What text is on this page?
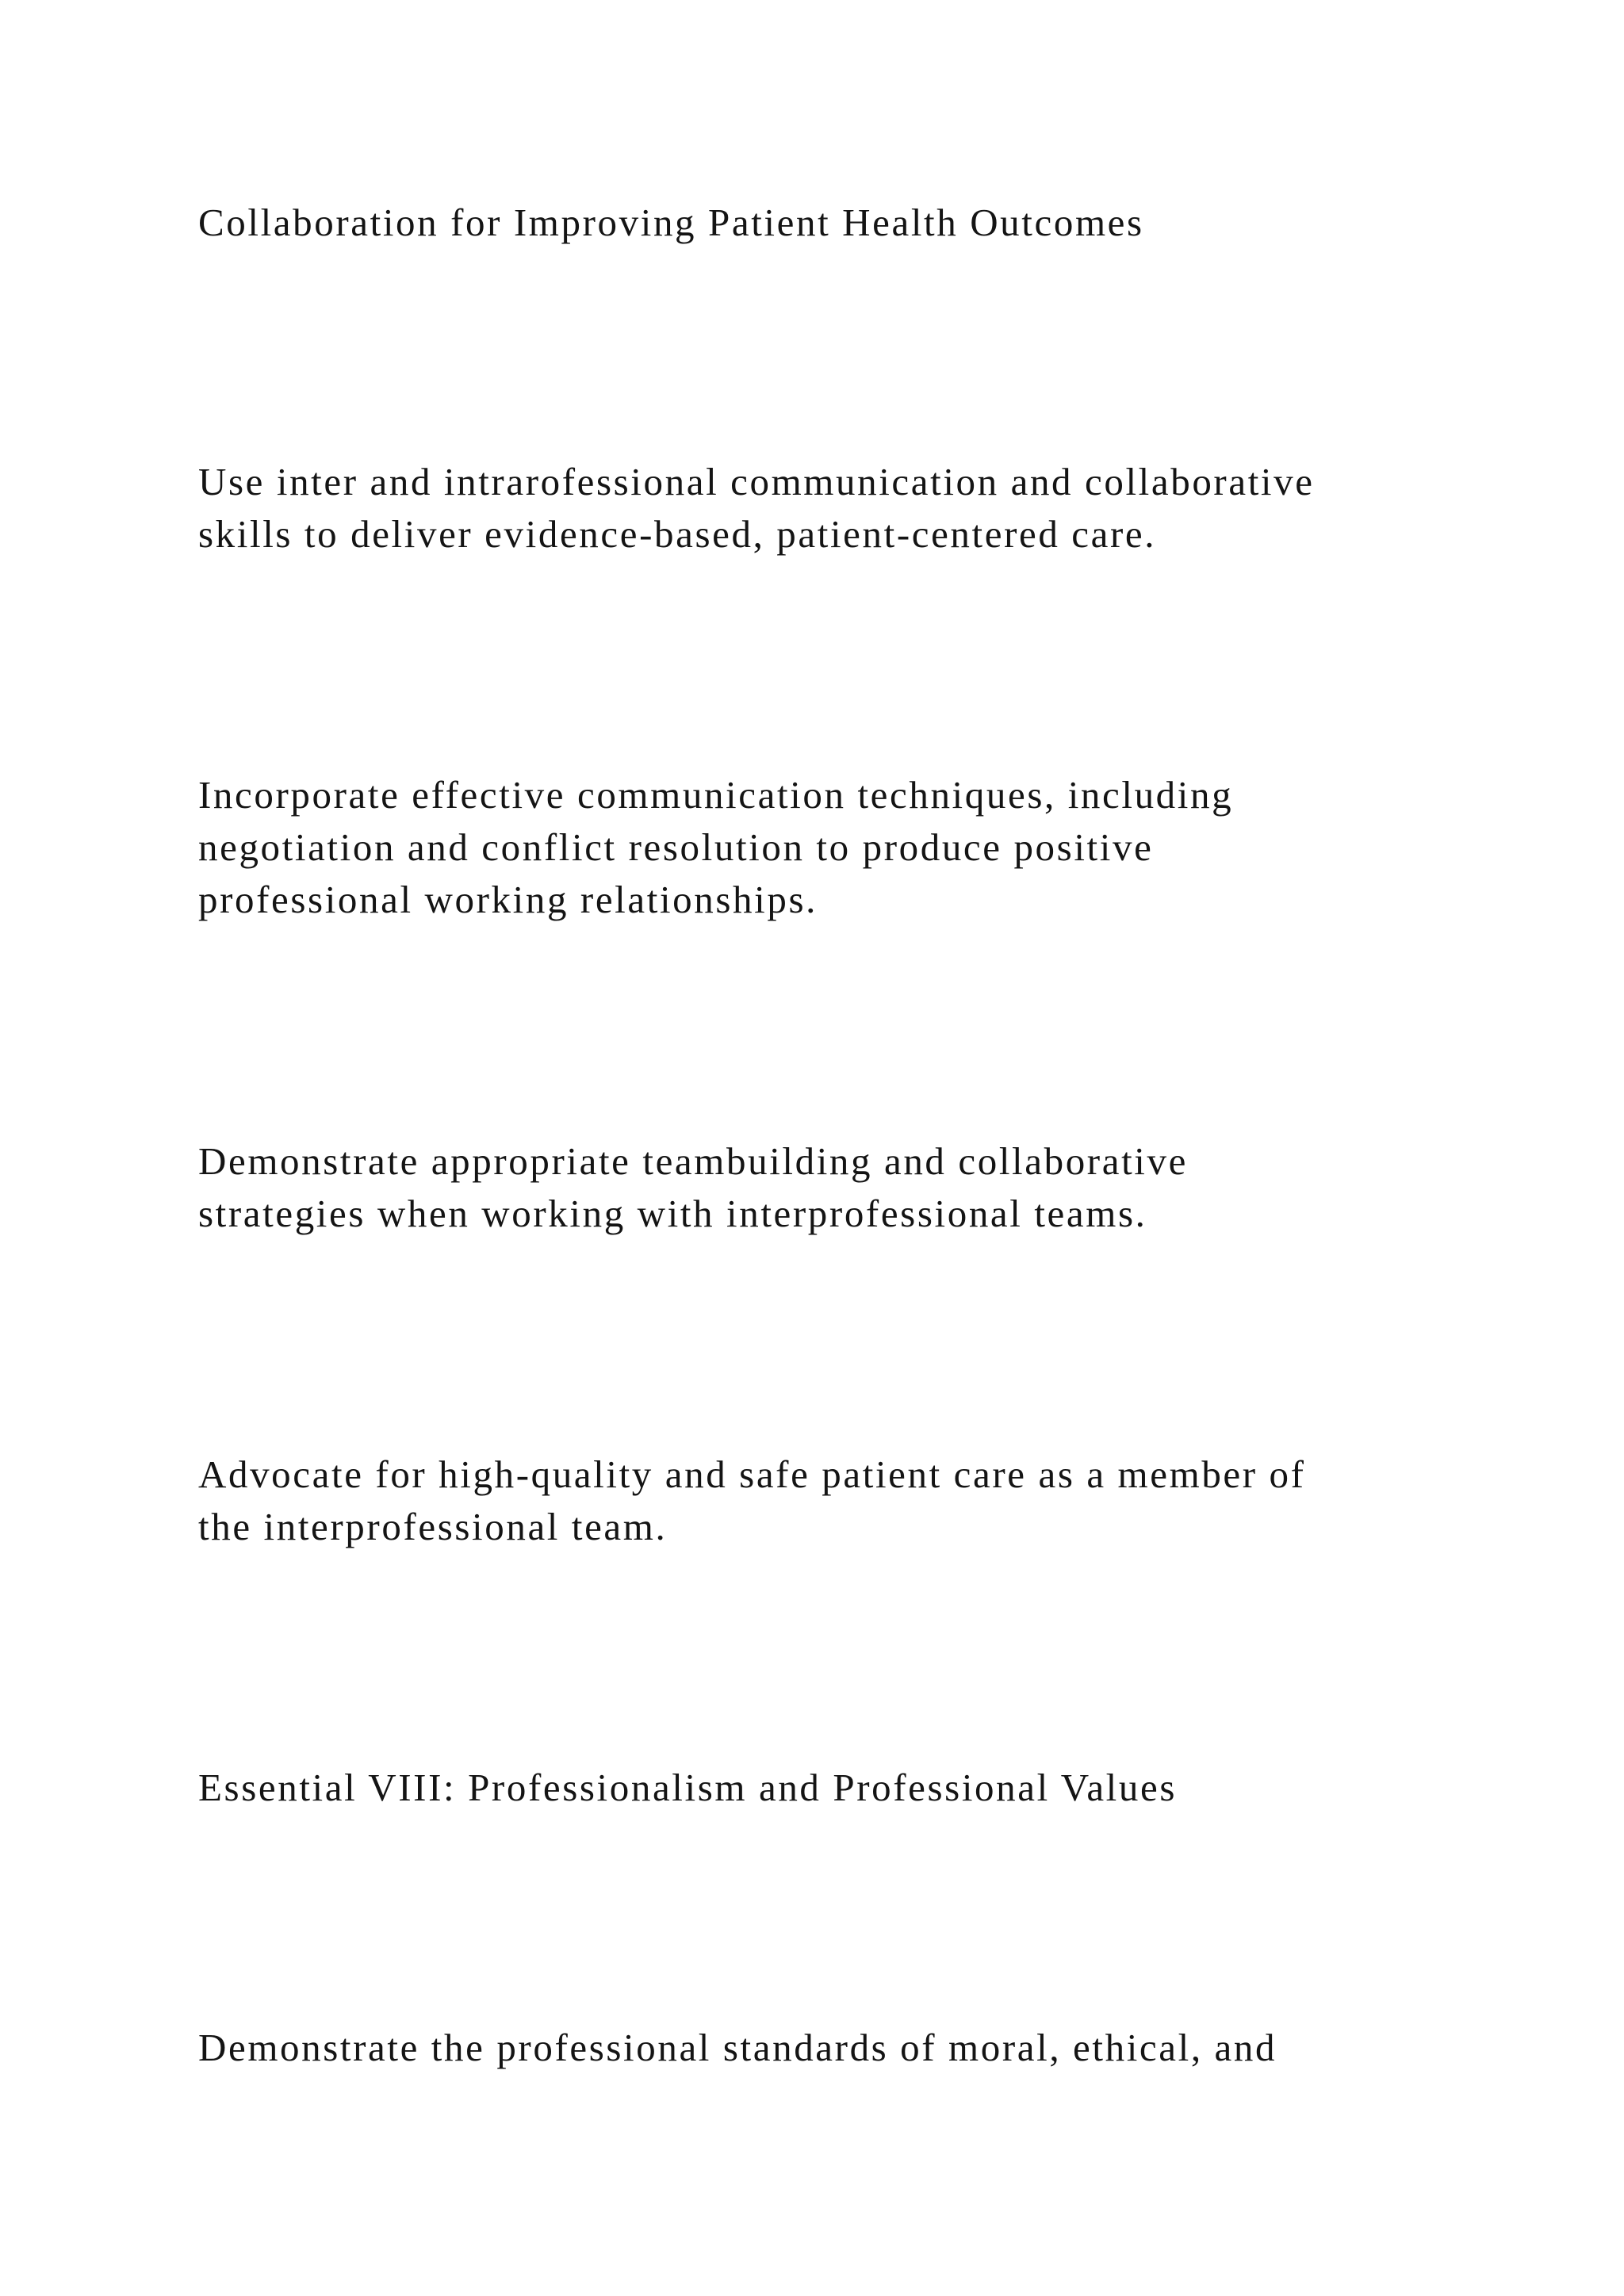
Collaboration for Improving Patient Health Outcomes

Use inter and intrarofessional communication and collaborative
skills to deliver evidence-based, patient-centered care.

Incorporate effective communication techniques, including
negotiation and conflict resolution to produce positive
professional working relationships.

Demonstrate appropriate teambuilding and collaborative
strategies when working with interprofessional teams.

Advocate for high-quality and safe patient care as a member of
the interprofessional team.

Essential VIII: Professionalism and Professional Values

Demonstrate the professional standards of moral, ethical, and
